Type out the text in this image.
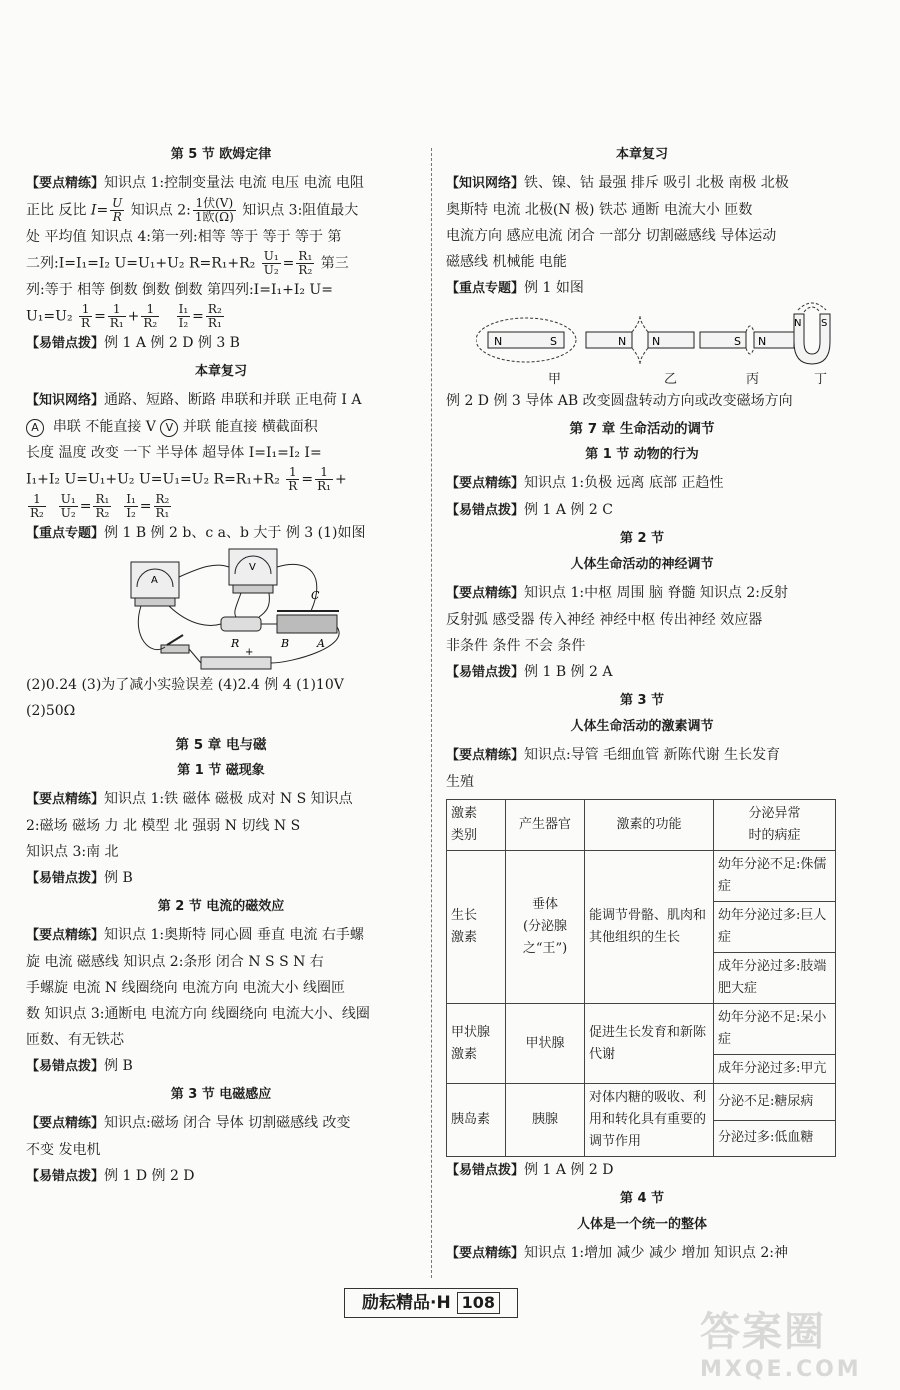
第 5 节 欧姆定律
【要点精练】知识点 1:控制变量法 电流 电压 电流 电阻
正比 反比 $I= \frac{U}{R}$ 知识点 2: $\frac{\text{1伏(V)}}{\text{1欧(Ω)}}$ 知识点 3:阻值最大
处 平均值 知识点 4:第一列:相等 等于 等于 等于 第
二列:I=I₁=I₂ U=U₁+U₂ $R=R_1+R_2 \frac{\text{U₁}}{\text{U₂}} = \frac{\text{R₁}}{\text{R₂}}$ 第三
列:等于 相等 倒数 倒数 倒数 第四列:I=I₁+I₂ U=
$U_1=U_2 \frac{1}{R} = \frac{1}{\text{R₁}} + \frac{1}{\text{R₂}}$
$\frac{\text{I₁}}{\text{I₂}} = \frac{\text{R₂}}{\text{R₁}}$
【易错点拨】例 1 A 例 2 D 例 3 B
本章复习
【知识网络】通路、短路、断路 串联和并联 正电荷 I A
A 串联 不能直接 V V 并联 能直接 横截面积
长度 温度 改变 一下 半导体 超导体 I=I₁=I₂ I=
I₁+I₂ U=U₁+U₂ U=U₁=U₂ $R=R_1+R_2 \frac{1}{R} = \frac{1}{\text{R₁}}$ +

$\frac{1}{\text{R₂}}$
$\frac{\text{U₁}}{\text{U₂}} = \frac{\text{R₁}}{\text{R₂}}$
$\frac{\text{I₁}}{\text{I₂}} = \frac{\text{R₂}}{\text{R₁}}$
【重点专题】例 1 B 例 2 b、c a、b 大于 例 3 (1)如图
A
V
R
C
B	A
+
(2)0.24 (3)为了减小实验误差 (4)2.4 例 4 (1)10V
(2)50Ω
第 5 章 电与磁
第 1 节 磁现象
【要点精练】知识点 1:铁 磁体 磁极 成对 N S 知识点
2:磁场 磁场 力 北 模型 北 强弱 N 切线 N S
知识点 3:南 北
【易错点拨】例 B
第 2 节 电流的磁效应
【要点精练】知识点 1:奥斯特 同心圆 垂直 电流 右手螺
旋 电流 磁感线 知识点 2:条形 闭合 N S S N 右
手螺旋 电流 N 线圈绕向 电流方向 电流大小 线圈匝
数 知识点 3:通断电 电流方向 线圈绕向 电流大小、线圈
匝数、有无铁芯
【易错点拨】例 B
第 3 节 电磁感应
【要点精练】知识点:磁场 闭合 导体 切割磁感线 改变
不变 发电机
【易错点拨】例 1 D 例 2 D
本章复习
【知识网络】铁、镍、钴 最强 排斥 吸引 北极 南极 北极
奥斯特 电流 北极(N 极) 铁芯 通断 电流大小 匝数
电流方向 感应电流 闭合 一部分 切割磁感线 导体运动
磁感线 机械能 电能
【重点专题】例 1 如图
N	S	N N	S N
N S
甲	乙	丙	丁
例 2 D 例 3 导体 AB 改变圆盘转动方向或改变磁场方向
第 7 章 生命活动的调节
第 1 节 动物的行为
【要点精练】知识点 1:负极 远离 底部 正趋性
【易错点拨】例 1 A 例 2 C
第 2 节
人体生命活动的神经调节
【要点精练】知识点 1:中枢 周围 脑 脊髓 知识点 2:反射
反射弧 感受器 传入神经 神经中枢 传出神经 效应器
非条件 条件 不会 条件
【易错点拨】例 1 B 例 2 A
第 3 节
人体生命活动的激素调节
【要点精练】知识点:导管 毛细血管 新陈代谢 生长发育
生殖
激素
类别	产生器官	激素的功能	分泌异常
时的病症
生长
激素	垂体
(分泌腺
之“王”)	能调节骨骼、肌肉和其他组织的生长	幼年分泌不足:侏儒症
			幼年分泌过多:巨人症
			成年分泌过多:肢端肥大症
甲状腺
激素	甲状腺	促进生长发育和新陈代谢	幼年分泌不足:呆小症
			成年分泌过多:甲亢
胰岛素	胰腺	对体内糖的吸收、利用和转化具有重要的调节作用	分泌不足:糖尿病
			分泌过多:低血糖
【易错点拨】例 1 A 例 2 D
第 4 节
人体是一个统一的整体
【要点精练】知识点 1:增加 减少 减少 增加 知识点 2:神
励耘精品·H 108
答案圈
MXQE.COM
